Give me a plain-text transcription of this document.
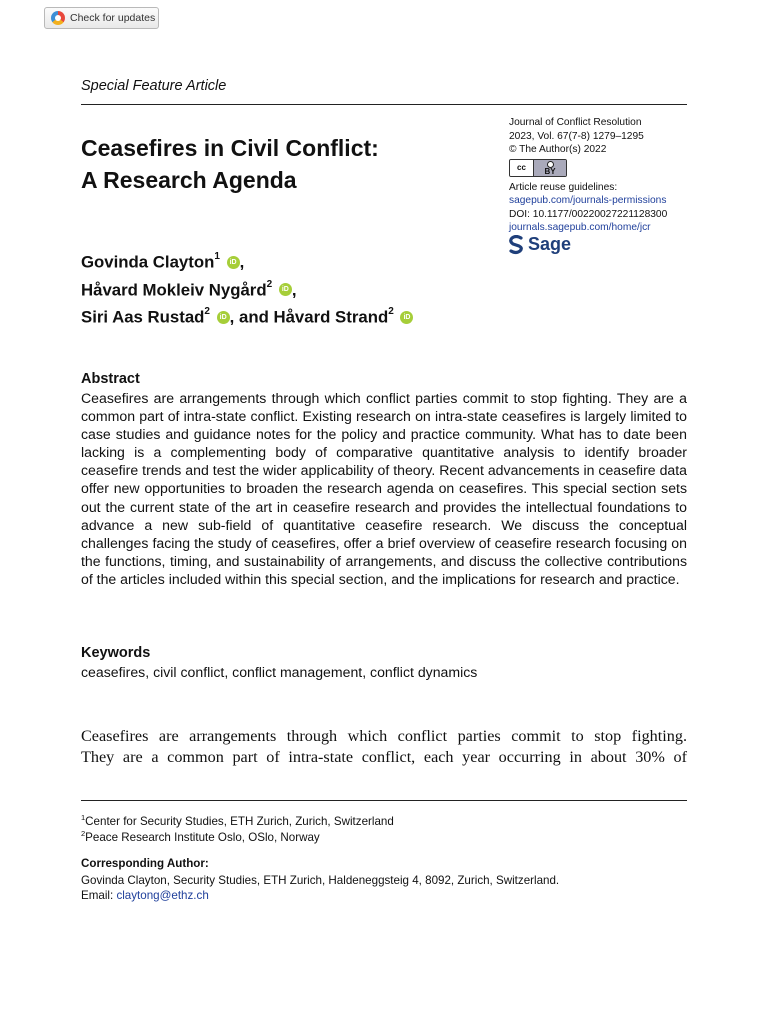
Check for updates
Special Feature Article
Ceasefires in Civil Conflict:
A Research Agenda
Journal of Conflict Resolution
2023, Vol. 67(7-8) 1279–1295
© The Author(s) 2022
cc	BY
Article reuse guidelines:
sagepub.com/journals-permissions
DOI: 10.1177/00220027221128300
journals.sagepub.com/home/jcr
Sage
Govinda Clayton$^1$ iD ,
Håvard Mokleiv Nygård$^2$ iD ,
Siri Aas Rustad$^2$ iD , and Håvard Strand$^2$ iD
Abstract

Ceasefires are arrangements through which conflict parties commit to stop fighting. They are a common part of intra-state conflict. Existing research on intra-state ceasefires is largely limited to case studies and guidance notes for the policy and practice community. What has to date been lacking is a complementing body of comparative quantitative analysis to identify broader ceasefire trends and test the wider applicability of theory. Recent advancements in ceasefire data offer new opportunities to broaden the research agenda on ceasefires. This special section sets out the current state of the art in ceasefire research and provides the intellectual foundations to advance a new sub-field of quantitative ceasefire research. We discuss the conceptual challenges facing the study of ceasefires, offer a brief overview of ceasefire research focusing on the functions, timing, and sustainability of arrangements, and discuss the collective contributions of the articles included within this special section, and the implications for research and practice.

Keywords
ceasefires, civil conflict, conflict management, conflict dynamics
Ceasefires are arrangements through which conflict parties commit to stop fighting.
They are a common part of intra-state conflict, each year occurring in about 30% of
$^1$Center for Security Studies, ETH Zurich, Zurich, Switzerland
$^2$Peace Research Institute Oslo, OSlo, Norway
Corresponding Author:
Govinda Clayton, Security Studies, ETH Zurich, Haldeneggsteig 4, 8092, Zurich, Switzerland.
Email: claytong@ethz.ch
